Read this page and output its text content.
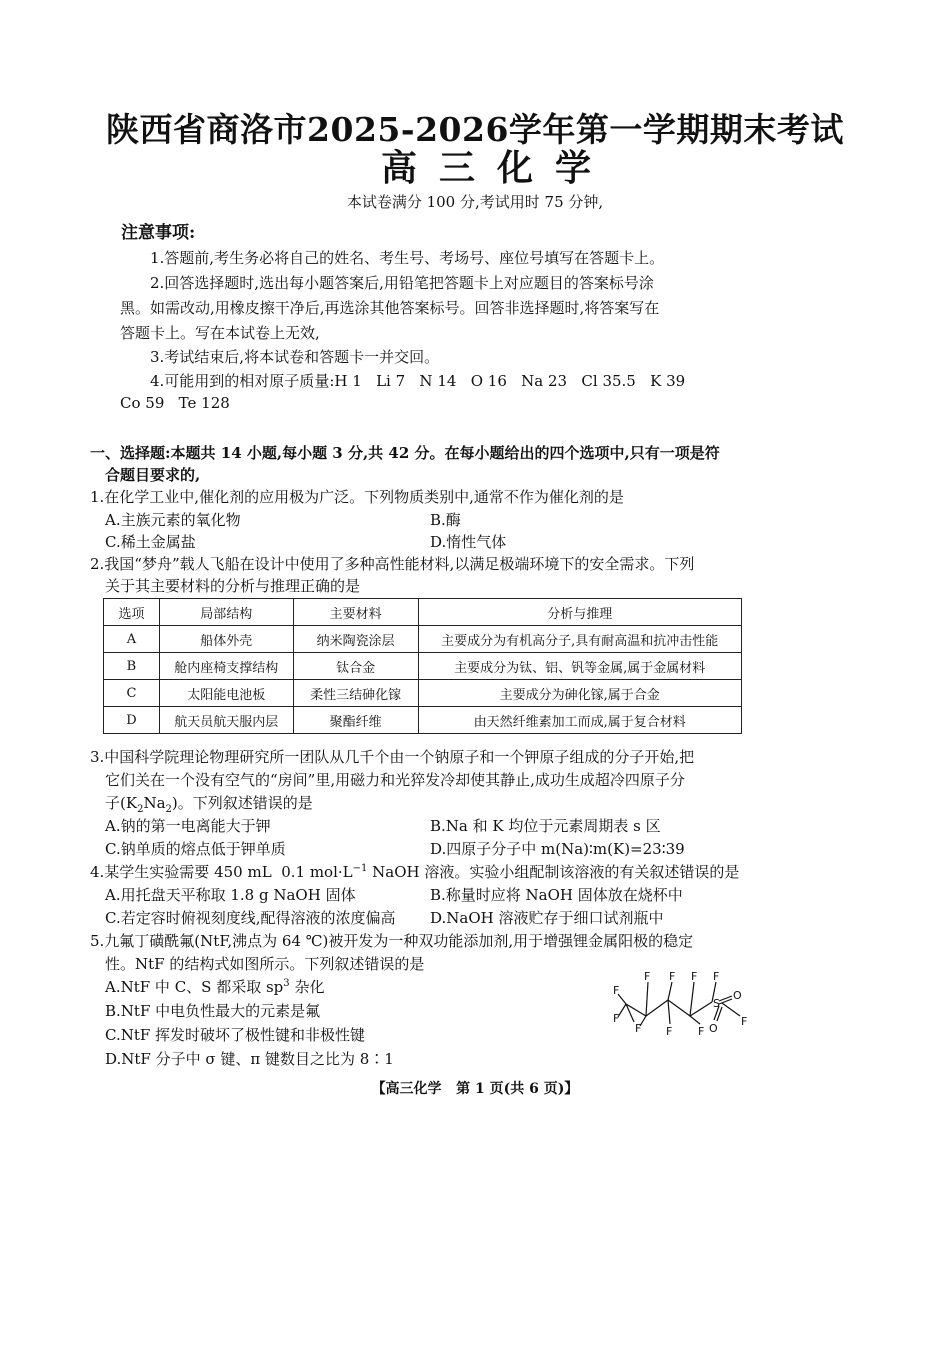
陕西省商洛市2025-2026学年第一学期期末考试
高三化学
本试卷满分 100 分,考试用时 75 分钟,
注意事项:
1.答题前,考生务必将自己的姓名、考生号、考场号、座位号填写在答题卡上。
2.回答选择题时,选出每小题答案后,用铅笔把答题卡上对应题目的答案标号涂
黑。如需改动,用橡皮擦干净后,再选涂其他答案标号。回答非选择题时,将答案写在
答题卡上。写在本试卷上无效,
3.考试结束后,将本试卷和答题卡一并交回。
4.可能用到的相对原子质量:H 1   Li 7   N 14   O 16   Na 23   Cl 35.5   K 39
Co 59   Te 128
一、选择题:本题共 14 小题,每小题 3 分,共 42 分。在每小题给出的四个选项中,只有一项是符
合题目要求的,
1.在化学工业中,催化剂的应用极为广泛。下列物质类别中,通常不作为催化剂的是
A.主族元素的氧化物	B.酶
C.稀土金属盐	D.惰性气体
2.我国“梦舟”载人飞船在设计中使用了多种高性能材料,以满足极端环境下的安全需求。下列
关于其主要材料的分析与推理正确的是
选项	局部结构	主要材料	分析与推理
A	船体外壳	纳米陶瓷涂层	主要成分为有机高分子,具有耐高温和抗冲击性能
B	舱内座椅支撑结构	钛合金	主要成分为钛、铝、钒等金属,属于金属材料
C	太阳能电池板	柔性三结砷化镓	主要成分为砷化镓,属于合金
D	航天员航天服内层	聚酯纤维	由天然纤维素加工而成,属于复合材料
3.中国科学院理论物理研究所一团队从几千个由一个钠原子和一个钾原子组成的分子开始,把
它们关在一个没有空气的“房间”里,用磁力和光猝发冷却使其静止,成功生成超冷四原子分
子$(K_2Na_2)$。下列叙述错误的是
A.钠的第一电离能大于钾	B.Na 和 K 均位于元素周期表 s 区
C.钠单质的熔点低于钾单质	D.四原子分子中 m(Na)∶m(K)=23∶39
4.某学生实验需要 450 mL  0.1 $mol\cdot L^{-1}$ NaOH 溶液。实验小组配制该溶液的有关叙述错误的是
A.用托盘天平称取 1.8 g NaOH 固体	B.称量时应将 NaOH 固体放在烧杯中
C.若定容时俯视刻度线,配得溶液的浓度偏高 D.NaOH 溶液贮存于细口试剂瓶中
5.九氟丁磺酰氟(NtF,沸点为 64 ℃)被开发为一种双功能添加剂,用于增强锂金属阳极的稳定
性。NtF 的结构式如图所示。下列叙述错误的是
A.NtF 中 C、S 都采取 $sp^3$ 杂化
B.NtF 中电负性最大的元素是氟
C.NtF 挥发时破坏了极性键和非极性键
D.NtF 分子中 σ 键、π 键数目之比为 8∶1
F
F
F
F F
F
F
F
F
S
O
O
F
【高三化学   第 1 页(共 6 页)】
